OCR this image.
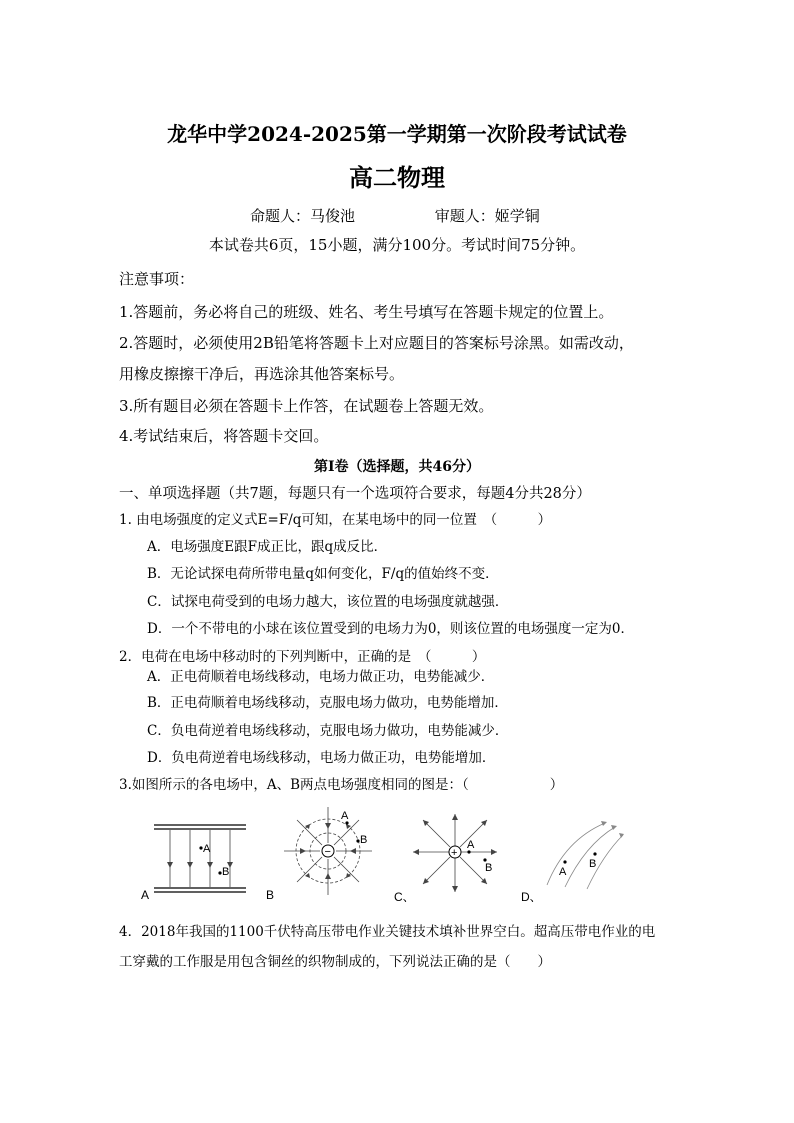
龙华中学2024-2025第一学期第一次阶段考试试卷
高二物理
命题人：马俊池	审题人：姬学铜
本试卷共6页，15小题，满分100分。考试时间75分钟。
注意事项：
1.答题前，务必将自己的班级、姓名、考生号填写在答题卡规定的位置上。
2.答题时，必须使用2B铅笔将答题卡上对应题目的答案标号涂黑。如需改动，
用橡皮擦擦干净后，再选涂其他答案标号。
3.所有题目必须在答题卡上作答，在试题卷上答题无效。
4.考试结束后，将答题卡交回。
第Ⅰ卷（选择题，共46分）
一、单项选择题（共7题，每题只有一个选项符合要求，每题4分共28分）
1. 由电场强度的定义式E=F/q可知，在某电场中的同一位置　（　　　）
A．电场强度E跟F成正比，跟q成反比．
B．无论试探电荷所带电量q如何变化，F/q的值始终不变．
C．试探电荷受到的电场力越大，该位置的电场强度就越强．
D．一个不带电的小球在该位置受到的电场力为0，则该位置的电场强度一定为0．
2．电荷在电场中移动时的下列判断中，正确的是　（　　　）
A．正电荷顺着电场线移动，电场力做正功，电势能减少．
B．正电荷顺着电场线移动，克服电场力做功，电势能增加．
C．负电荷逆着电场线移动，克服电场力做功，电势能减少．
D．负电荷逆着电场线移动，电场力做正功，电势能增加．
3.如图所示的各电场中，A、B两点电场强度相同的图是：（　　　　　　）
A
B
A
−
A
B
B
+
A
B
C、
A
B
D、
4．2018年我国的1100千伏特高压带电作业关键技术填补世界空白。超高压带电作业的电
工穿戴的工作服是用包含铜丝的织物制成的，下列说法正确的是（　　）
